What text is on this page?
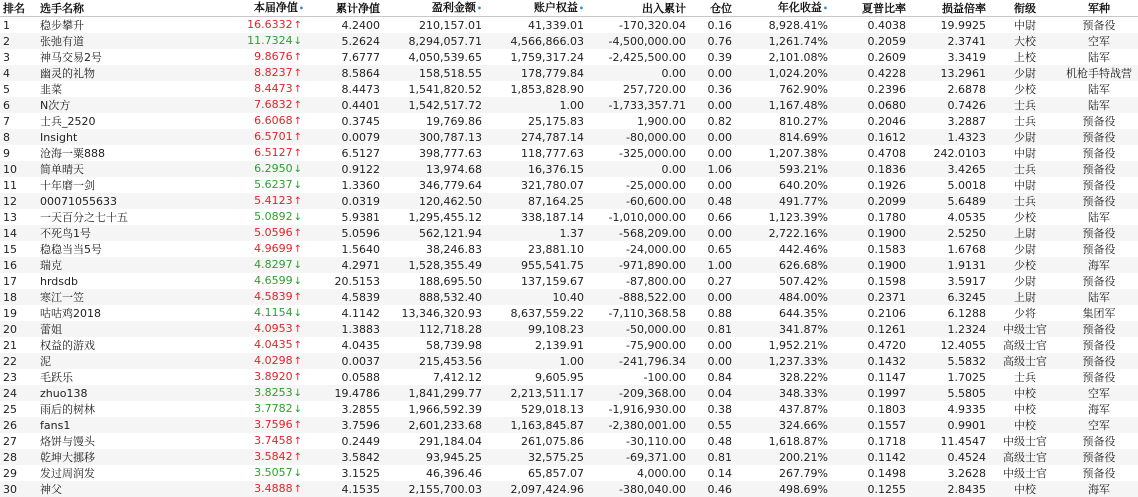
排名	选手名称	本届净值•	累计净值	盈利金额•	账户权益•	出入累计	仓位	年化收益•	夏普比率	损益倍率	衔级	军种
1	稳步攀升	16.6332↑	4.2400	210,157.01	41,339.01	-170,320.04	0.16	8,928.41%	0.4038	19.9925	中尉	预备役
2	张弛有道	11.7324↓	5.2624	8,294,057.71	4,566,866.03	-4,500,000.00	0.76	1,261.74%	0.2059	2.3741	大校	空军
3	神马交易2号	9.8676↑	7.6777	4,050,539.65	1,759,317.24	-2,425,500.00	0.39	2,101.08%	0.2609	3.3419	上校	陆军
4	幽灵的礼物	8.8237↑	8.5864	158,518.55	178,779.84	0.00	0.00	1,024.20%	0.4228	13.2961	少尉	机枪手特战营
5	韭菜	8.4473↑	8.4473	1,541,820.52	1,853,828.90	257,720.00	0.36	762.90%	0.2396	2.6878	少校	陆军
6	N次方	7.6832↑	0.4401	1,542,517.72	1.00	-1,733,357.71	0.00	1,167.48%	0.0680	0.7426	士兵	陆军
7	士兵_2520	6.6068↑	0.3745	19,769.86	25,175.83	1,900.00	0.82	810.27%	0.2046	3.2887	士兵	预备役
8	Insight	6.5701↑	0.0079	300,787.13	274,787.14	-80,000.00	0.00	814.69%	0.1612	1.4323	少尉	预备役
9	沧海一粟888	6.5127↑	6.5127	398,777.63	118,777.63	-325,000.00	0.00	1,207.38%	0.4708	242.0103	中尉	预备役
10	简单晴天	6.2950↓	0.9122	13,974.68	16,376.15	0.00	1.06	593.21%	0.1836	3.4265	士兵	预备役
11	十年磨一剑	5.6237↓	1.3360	346,779.64	321,780.07	-25,000.00	0.00	640.20%	0.1926	5.0018	中尉	预备役
12	00071055633	5.4123↑	0.0319	120,462.50	87,164.25	-60,600.00	0.48	491.77%	0.2099	5.6489	士兵	预备役
13	一天百分之七十五	5.0892↓	5.9381	1,295,455.12	338,187.14	-1,010,000.00	0.66	1,123.39%	0.1780	4.0535	少校	陆军
14	不死鸟1号	5.0596↑	5.0596	562,121.94	1.37	-568,209.00	0.00	2,722.16%	0.1900	2.5250	上尉	预备役
15	稳稳当当5号	4.9699↑	1.5640	38,246.83	23,881.10	-24,000.00	0.65	442.46%	0.1583	1.6768	少尉	预备役
16	瑞克	4.8297↓	4.2971	1,528,355.49	955,541.75	-971,890.00	1.00	626.68%	0.1900	1.9131	少校	海军
17	hrdsdb	4.6599↓	20.5153	188,695.50	137,159.67	-87,800.00	0.27	507.42%	0.1598	3.5917	少尉	预备役
18	寒江一笠	4.5839↑	4.5839	888,532.40	10.40	-888,522.00	0.00	484.00%	0.2371	6.3245	上尉	陆军
19	咕咕鸡2018	4.1154↓	4.1142	13,346,320.93	8,637,559.22	-7,110,368.58	0.88	644.35%	0.2106	6.1288	少将	集团军
20	蕾姐	4.0953↑	1.3883	112,718.28	99,108.23	-50,000.00	0.81	341.87%	0.1261	1.2324	中级士官	预备役
21	权益的游戏	4.0435↑	4.0435	58,739.98	2,139.91	-75,900.00	0.00	1,952.21%	0.4720	12.4055	高级士官	预备役
22	泥	4.0298↑	0.0037	215,453.56	1.00	-241,796.34	0.00	1,237.33%	0.1432	5.5832	高级士官	预备役
23	毛跃乐	3.8920↑	0.0588	7,412.12	9,605.95	-100.00	0.84	328.22%	0.1147	1.7025	士兵	预备役
24	zhuo138	3.8253↓	19.4786	1,841,299.77	2,213,511.17	-209,368.00	0.04	348.33%	0.1997	5.5805	中校	空军
25	雨后的树林	3.7782↓	3.2855	1,966,592.39	529,018.13	-1,916,930.00	0.38	437.87%	0.1803	4.9335	中校	海军
26	fans1	3.7596↑	3.7596	2,601,233.68	1,163,845.87	-2,380,001.00	0.55	324.66%	0.1557	0.9901	中校	空军
27	烙饼与馒头	3.7458↑	0.2449	291,184.04	261,075.86	-30,110.00	0.48	1,618.87%	0.1718	11.4547	中级士官	预备役
28	乾坤大挪移	3.5842↑	3.5842	93,945.25	32,575.25	-69,371.00	0.81	200.21%	0.1142	0.4524	高级士官	预备役
29	发过周润发	3.5057↓	3.1525	46,396.46	65,857.07	4,000.00	0.14	267.79%	0.1498	3.2628	中级士官	预备役
30	神父	3.4888↑	4.1535	2,155,700.03	2,097,424.96	-380,040.00	0.46	498.69%	0.1255	2.8435	中校	海军
